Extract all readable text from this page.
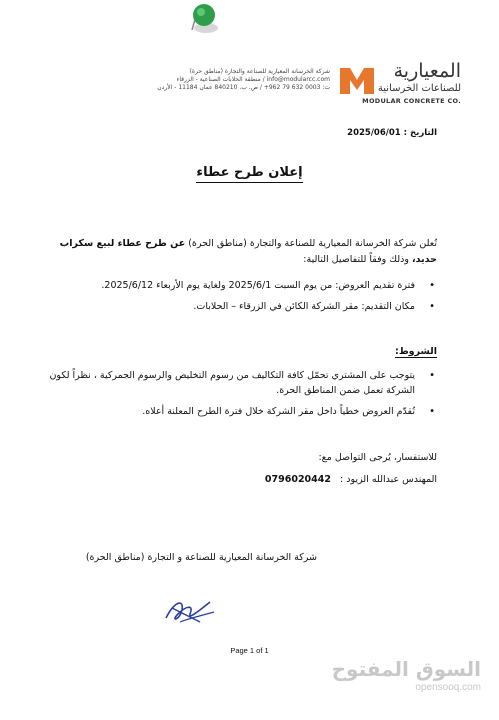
شركة الخرسانة المعيارية للصناعة والتجارة (مناطق حرة)
info@modularcc.com / منطقة الحلابات الصناعية - الزرقاء
ت: 0003 632 79 962+ / ص. ب. 840210 عمان 11184 - الأردن
المعيارية
للصناعات الخرسانية
MODULAR CONCRETE CO.
التاريخ : 2025/06/01
إعلان طرح عطاء
تُعلن شركة الخرسانة المعيارية للصناعة والتجارة (مناطق الحرة) عن طرح عطاء لبيع سكراب حديد، وذلك وفقاً للتفاصيل التالية:
• فترة تقديم العروض: من يوم السبت 2025/6/1 ولغاية يوم الأربعاء 2025/6/12.
• مكان التقديم: مقر الشركة الكائن في الزرقاء – الحلابات.
الشروط:
• يتوجب على المشتري تحمّل كافة التكاليف من رسوم التخليص والرسوم الجمركية ، نظراً لكون الشركة تعمل ضمن المناطق الحرة.
• تُقدّم العروض خطياً داخل مقر الشركة خلال فترة الطرح المعلنة أعلاه.
للاستفسار، يُرجى التواصل مع:
المهندس عبدالله الزيود : 0796020442
شركة الخرسانة المعيارية للصناعة و التجارة (مناطق الحرة)
Page 1 of 1
السوق المفتوح
opensooq.com
